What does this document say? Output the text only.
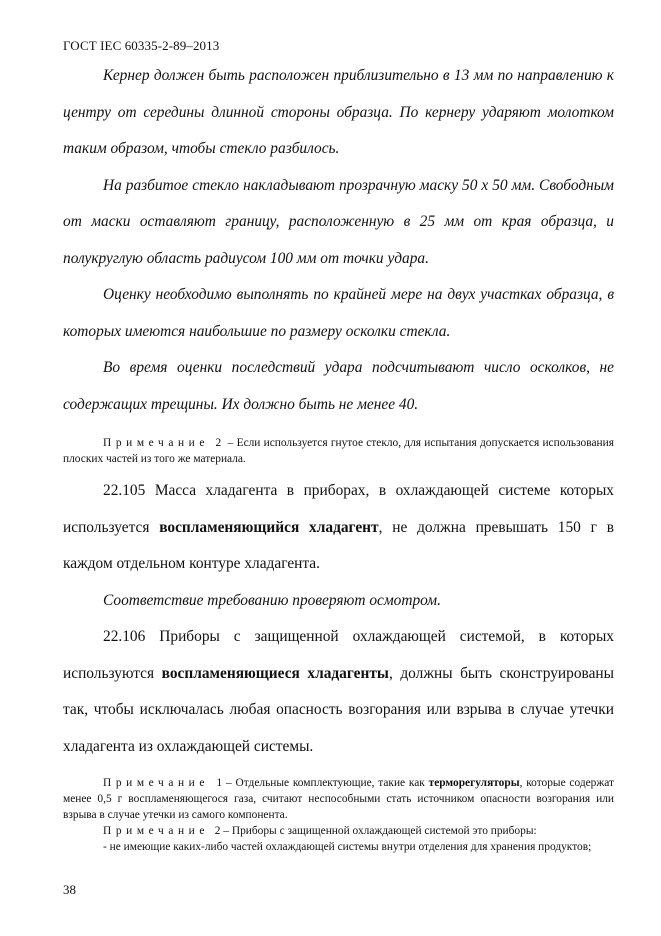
ГОСТ IEC 60335-2-89–2013

Кернер должен быть расположен приблизительно в 13 мм по направлению к центру от середины длинной стороны образца. По кернеру ударяют молотком таким образом, чтобы стекло разбилось.

На разбитое стекло накладывают прозрачную маску 50 x 50 мм. Свободным от маски оставляют границу, расположенную в 25 мм от края образца, и полукруглую область радиусом 100 мм от точки удара.

Оценку необходимо выполнять по крайней мере на двух участках образца, в которых имеются наибольшие по размеру осколки стекла.

Во время оценки последствий удара подсчитывают число осколков, не содержащих трещины. Их должно быть не менее 40.

Примечание 2 – Если используется гнутое стекло, для испытания допускается использования плоских частей из того же материала.

22.105 Масса хладагента в приборах, в охлаждающей системе которых используется воспламеняющийся хладагент, не должна превышать 150 г в каждом отдельном контуре хладагента.

Соответствие требованию проверяют осмотром.

22.106 Приборы с защищенной охлаждающей системой, в которых используются воспламеняющиеся хладагенты, должны быть сконструированы так, чтобы исключалась любая опасность возгорания или взрыва в случае утечки хладагента из охлаждающей системы.

Примечание 1 – Отдельные комплектующие, такие как терморегуляторы, которые содержат менее 0,5 г воспламеняющегося газа, считают неспособными стать источником опасности возгорания или взрыва в случае утечки из самого компонента.

Примечание 2 – Приборы с защищенной охлаждающей системой это приборы:

- не имеющие каких-либо частей охлаждающей системы внутри отделения для хранения продуктов;

38
